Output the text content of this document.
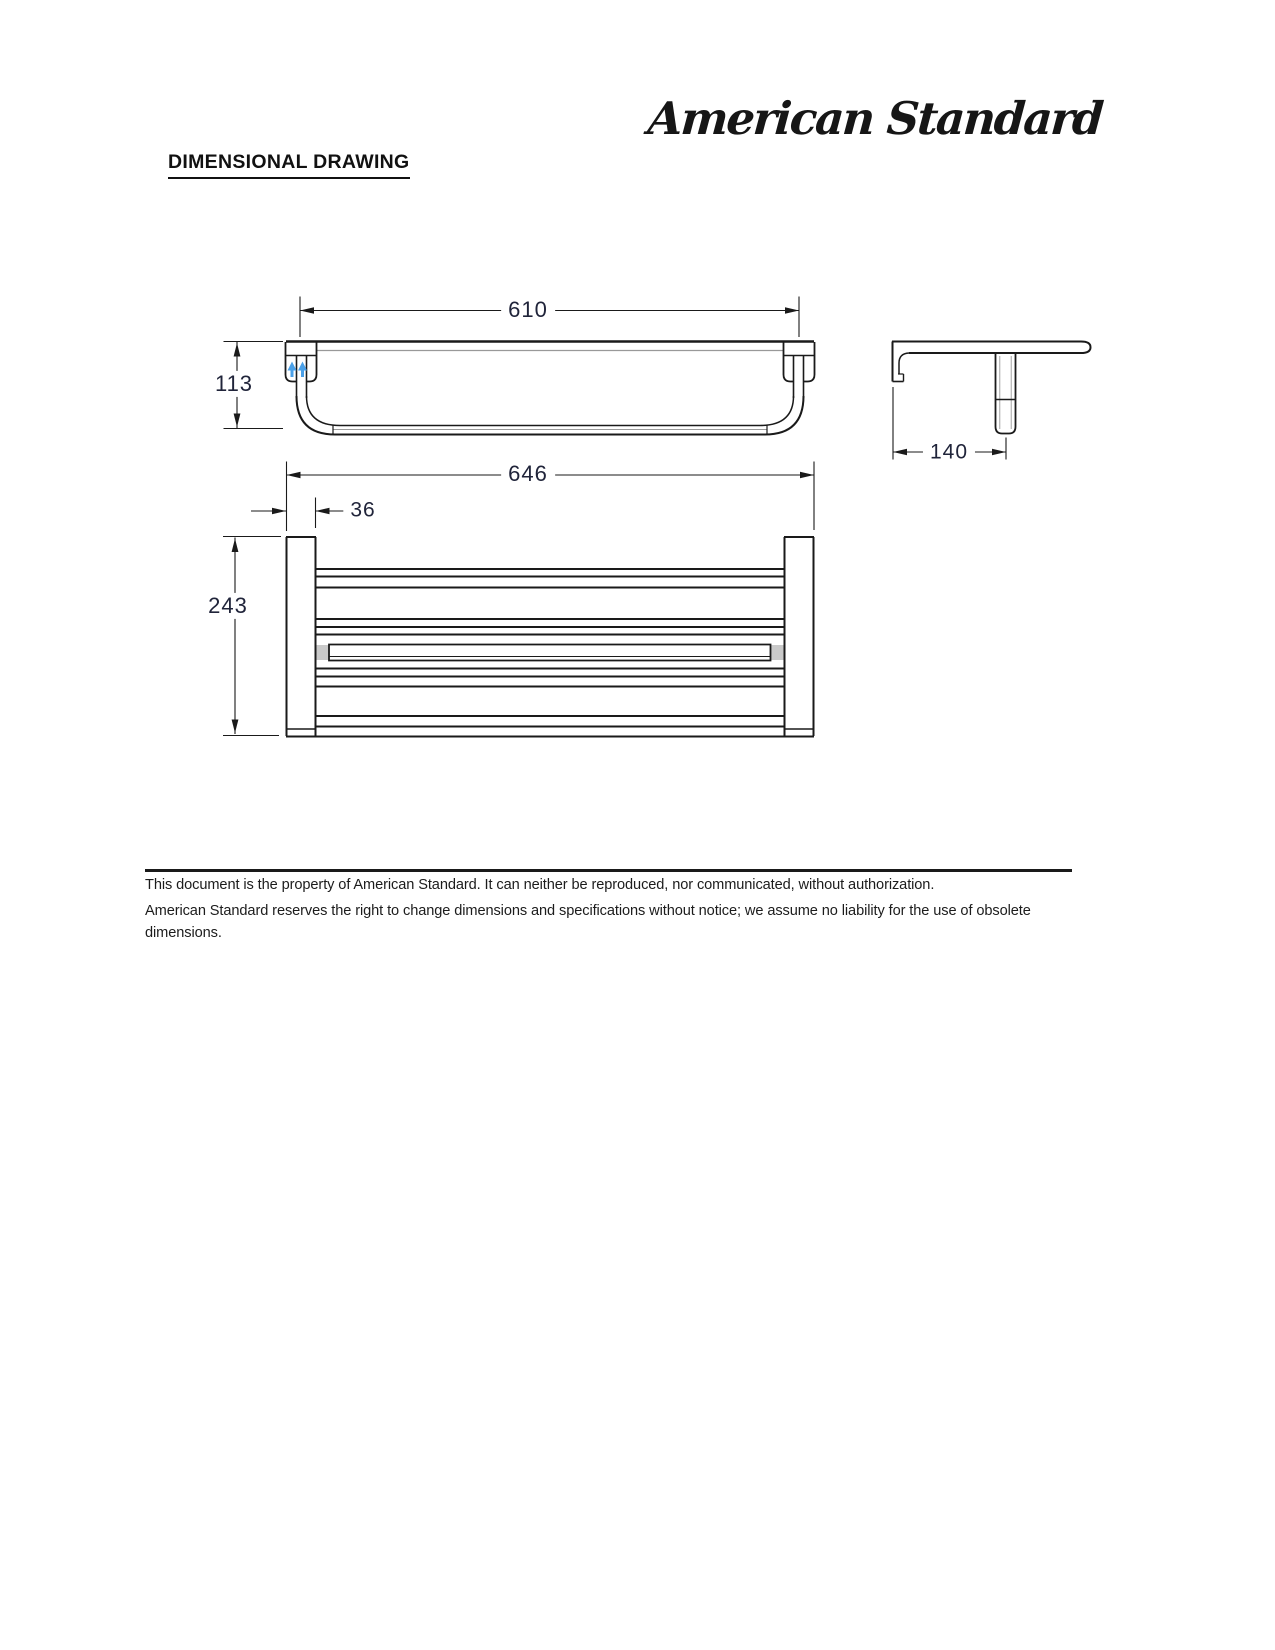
American Standard
DIMENSIONAL DRAWING
610
113
140
646
36
243
This document is the property of American Standard. It can neither be reproduced, nor communicated, without authorization.
American Standard reserves the right to change dimensions and specifications without notice; we assume no liability for the use of obsolete dimensions.
